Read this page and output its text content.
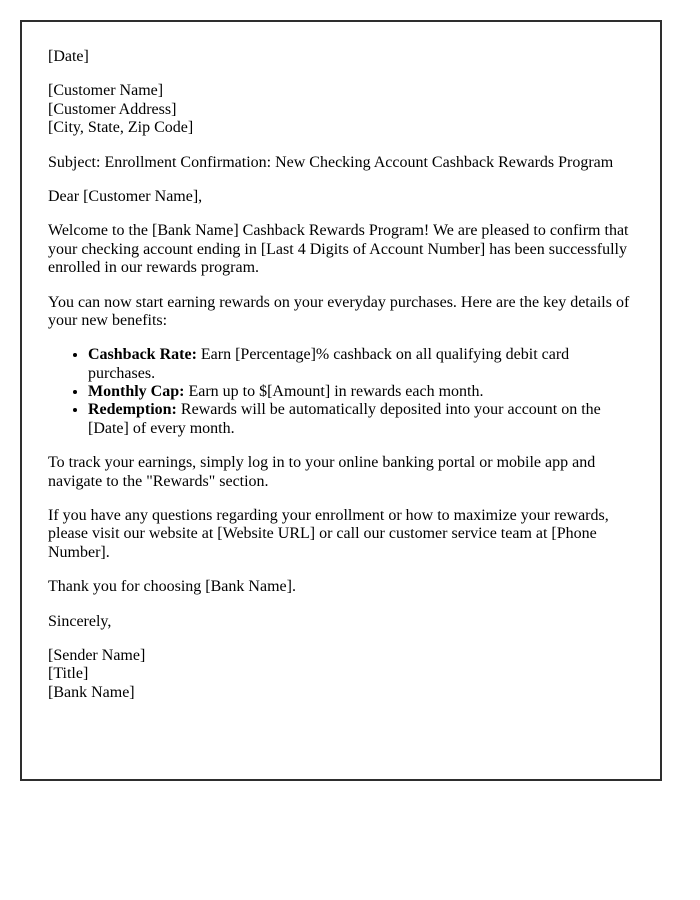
[Date]

[Customer Name]
[Customer Address]
[City, State, Zip Code]

Subject: Enrollment Confirmation: New Checking Account Cashback Rewards Program

Dear [Customer Name],

Welcome to the [Bank Name] Cashback Rewards Program! We are pleased to confirm that your checking account ending in [Last 4 Digits of Account Number] has been successfully enrolled in our rewards program.

You can now start earning rewards on your everyday purchases. Here are the key details of your new benefits:

• Cashback Rate: Earn [Percentage]% cashback on all qualifying debit card purchases.
• Monthly Cap: Earn up to $[Amount] in rewards each month.
• Redemption: Rewards will be automatically deposited into your account on the [Date] of every month.

To track your earnings, simply log in to your online banking portal or mobile app and navigate to the "Rewards" section.

If you have any questions regarding your enrollment or how to maximize your rewards, please visit our website at [Website URL] or call our customer service team at [Phone Number].

Thank you for choosing [Bank Name].

Sincerely,

[Sender Name]
[Title]
[Bank Name]
